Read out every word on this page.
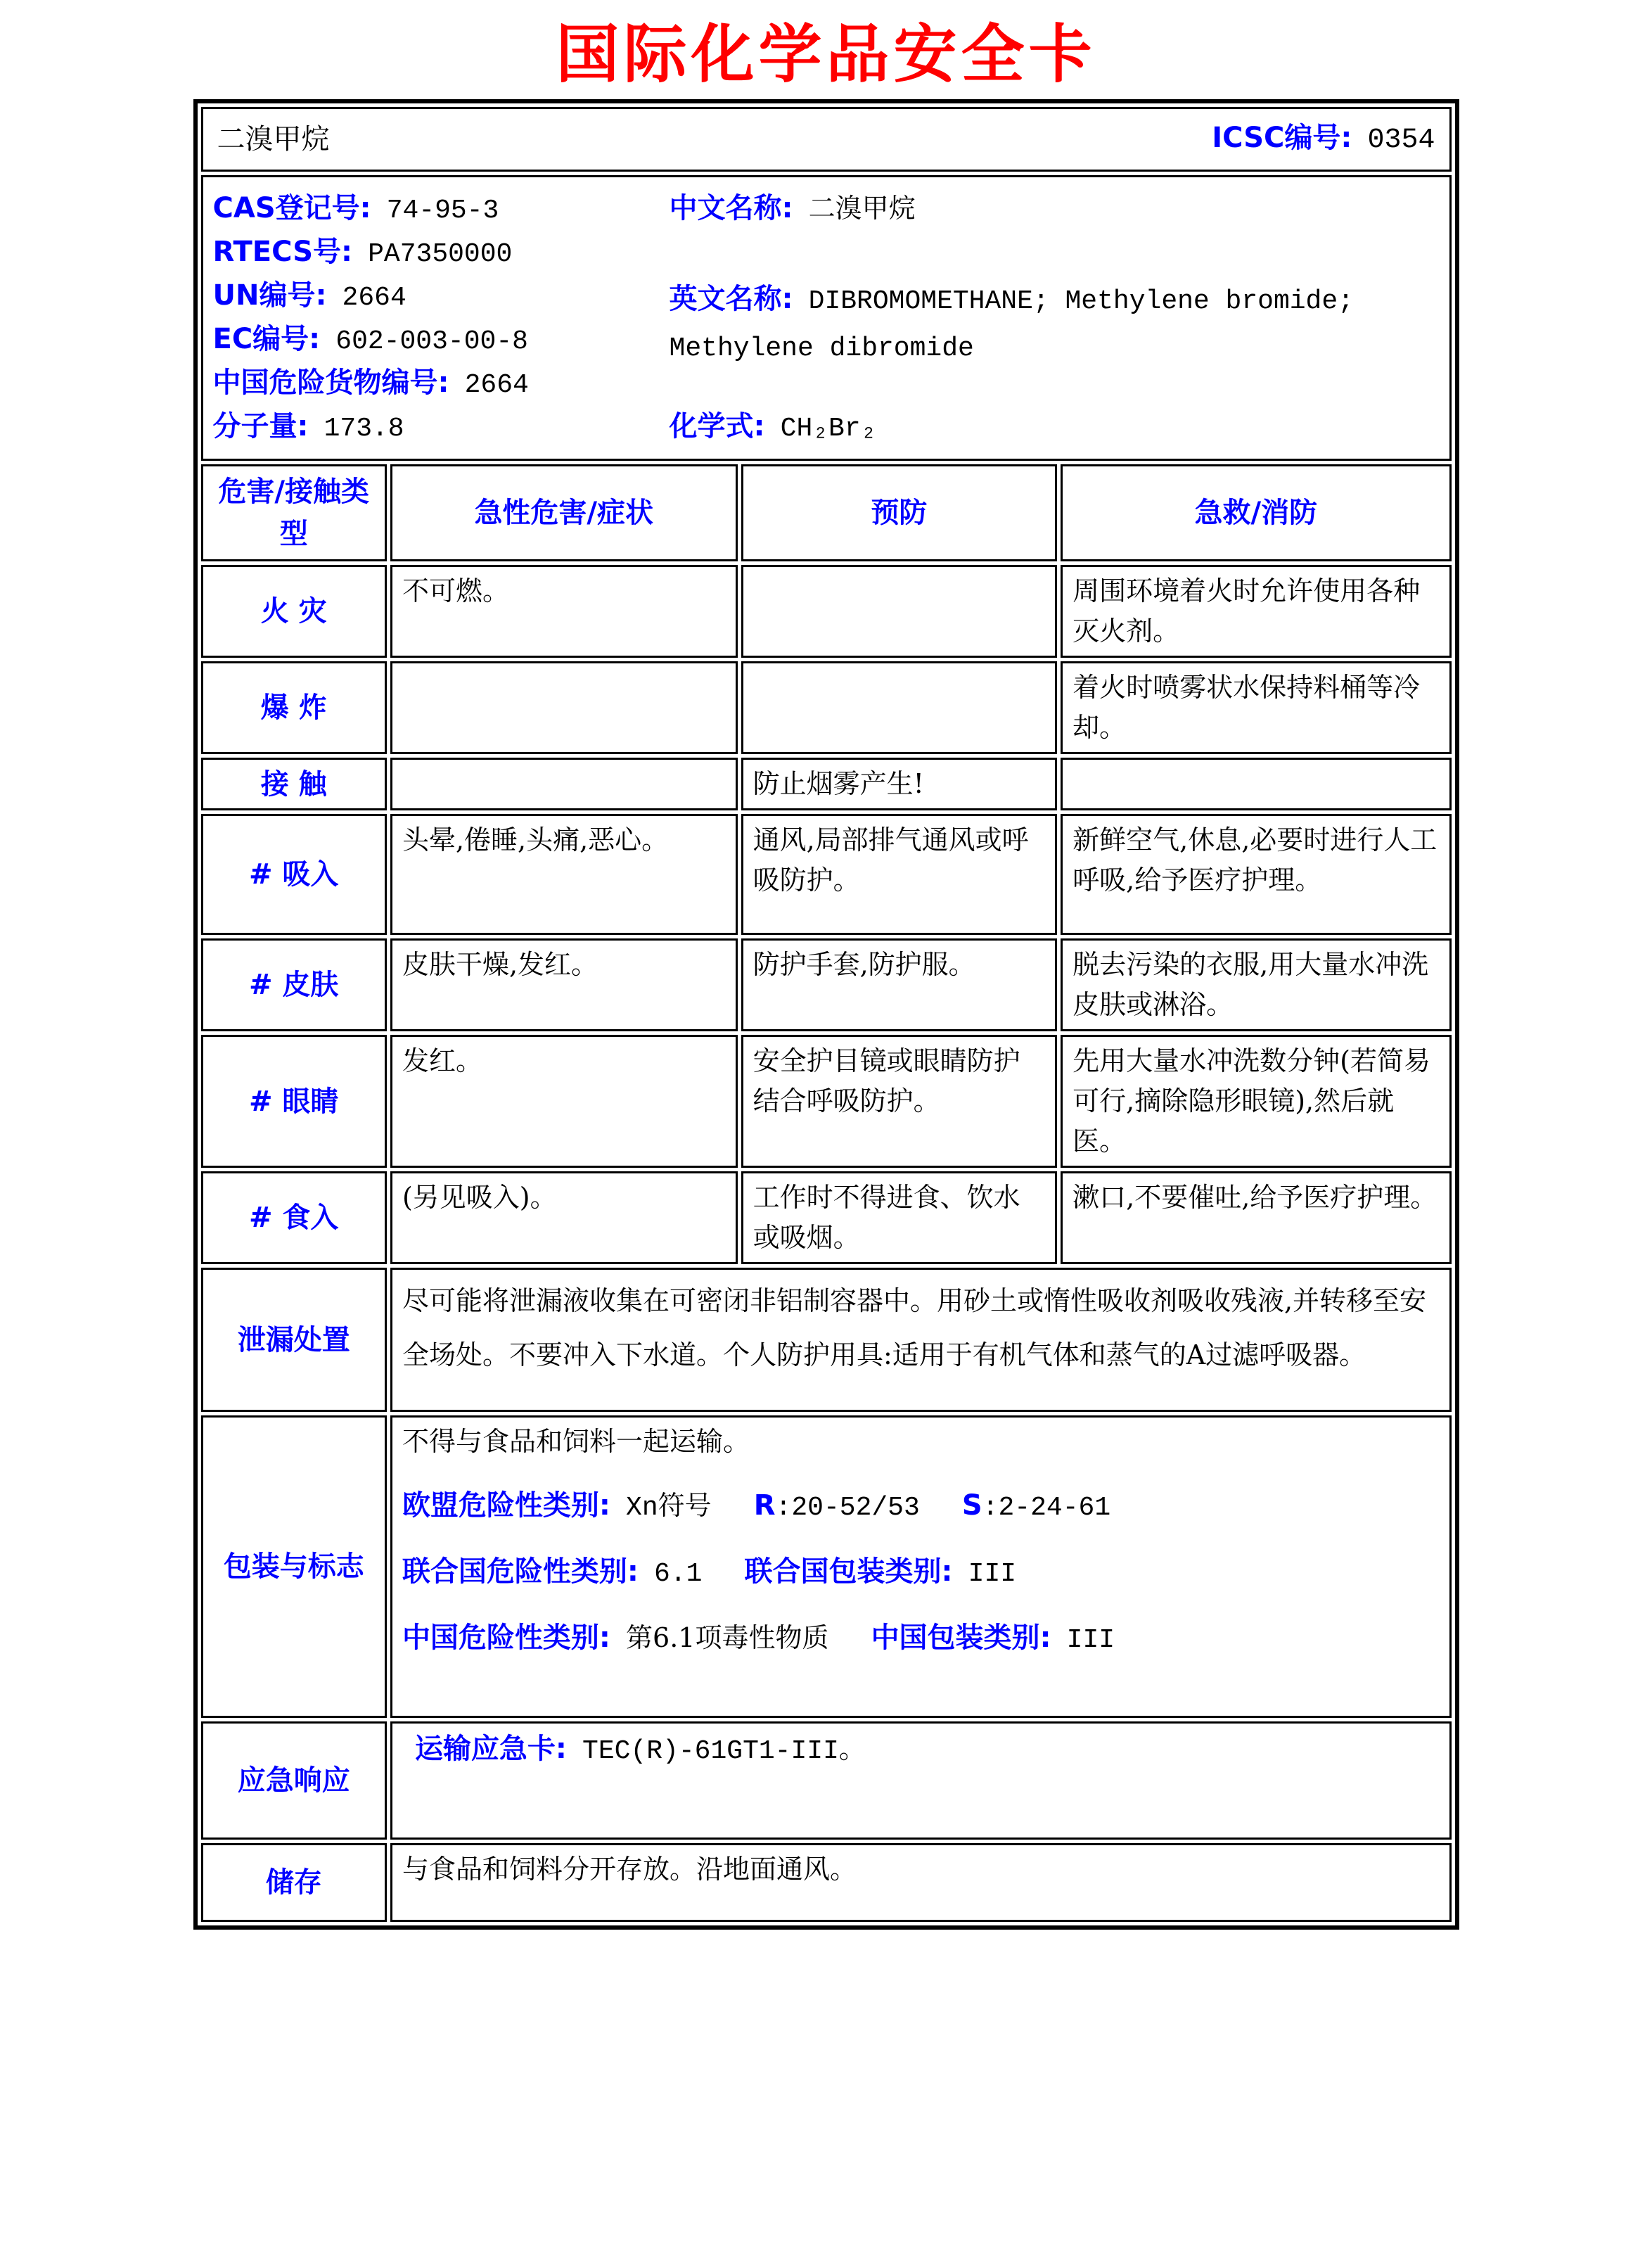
国际化学品安全卡
二溴甲烷 ICSC编号: 0354			

CAS登记号: 74-95-3
RTECS号: PA7350000
UN编号: 2664
EC编号: 602-003-00-8
中国危险货物编号: 2664
分子量: 173.8
中文名称: 二溴甲烷
英文名称: DIBROMOMETHANE; Methylene bromide; Methylene dibromide
化学式: CH₂Br₂

危害/接触类型	急性危害/症状	预防	急救/消防
火 灾	不可燃。		周围环境着火时允许使用各种灭火剂。
爆 炸			着火时喷雾状水保持料桶等冷却。
接 触		防止烟雾产生!	
# 吸入	头晕,倦睡,头痛,恶心。	通风,局部排气通风或呼吸防护。	新鲜空气,休息,必要时进行人工呼吸,给予医疗护理。
# 皮肤	皮肤干燥,发红。	防护手套,防护服。	脱去污染的衣服,用大量水冲洗皮肤或淋浴。
# 眼睛	发红。	安全护目镜或眼睛防护结合呼吸防护。	先用大量水冲洗数分钟(若简易可行,摘除隐形眼镜),然后就医。
# 食入	(另见吸入)。	工作时不得进食、饮水或吸烟。	漱口,不要催吐,给予医疗护理。
泄漏处置	尽可能将泄漏液收集在可密闭非铝制容器中。用砂土或惰性吸收剂吸收残液,并转移至安全场处。不要冲入下水道。个人防护用具:适用于有机气体和蒸气的A过滤呼吸器。		
包装与标志	不得与食品和饲料一起运输。
欧盟危险性类别: Xn符号 R:20-52/53 S:2-24-61
联合国危险性类别: 6.1 联合国包装类别: III
中国危险性类别: 第6.1项毒性物质 中国包装类别: III		

应急响应	运输应急卡: TEC(R)-61GT1-III。		

储存	与食品和饲料分开存放。沿地面通风。		
